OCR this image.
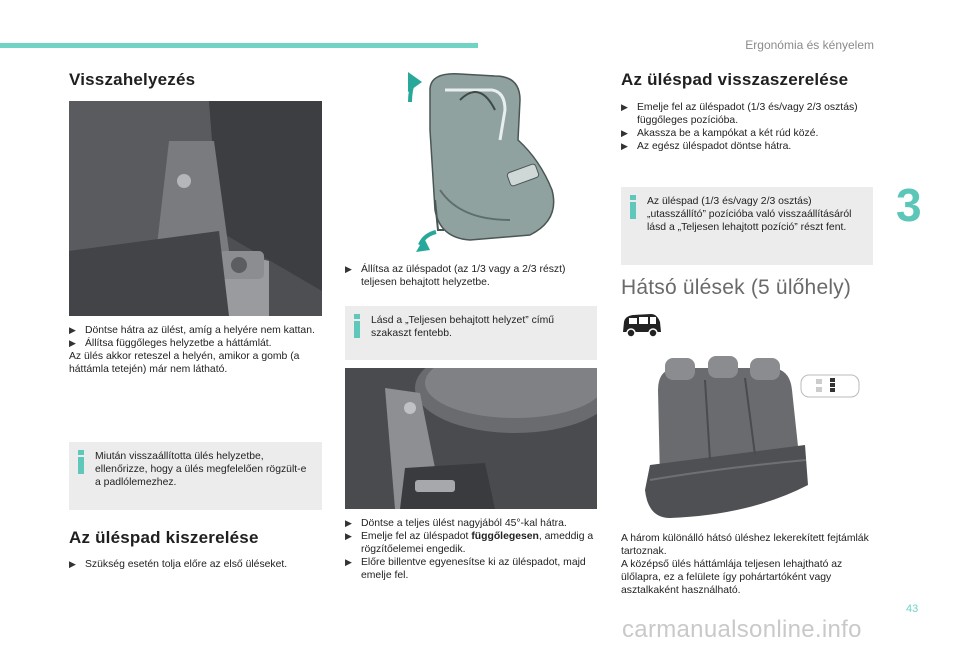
Ergonómia és kényelem
3
43
carmanualsonline.info
Visszahelyezés
▶ Döntse hátra az ülést, amíg a helyére nem kattan.
▶ Állítsa függőleges helyzetbe a háttámlát.
Az ülés akkor reteszel a helyén, amikor a gomb (a háttámla tetején) már nem látható.
Miután visszaállította ülés helyzetbe, ellenőrizze, hogy a ülés megfelelően rögzült-e a padlólemezhez.
Az üléspad kiszerelése
▶ Szükség esetén tolja előre az első üléseket.
▶ Állítsa az üléspadot (az 1/3 vagy a 2/3 részt) teljesen behajtott helyzetbe.
Lásd a „Teljesen behajtott helyzet” című szakaszt fentebb.
▶ Döntse a teljes ülést nagyjából 45°-kal hátra.
▶ Emelje fel az üléspadot függőlegesen, ameddig a rögzítőelemei engedik.
▶ Előre billentve egyenesítse ki az üléspadot, majd emelje fel.
Az üléspad visszaszerelése
▶ Emelje fel az üléspadot (1/3 és/vagy 2/3 osztás) függőleges pozícióba.
▶ Akassza be a kampókat a két rúd közé.
▶ Az egész üléspadot döntse hátra.
Az üléspad (1/3 és/vagy 2/3 osztás) „utasszállító” pozícióba való visszaállításáról lásd a „Teljesen lehajtott pozíció” részt fent.
Hátsó ülések (5 ülőhely)
A három különálló hátsó üléshez lekerekített fejtámlák tartoznak.
A középső ülés háttámlája teljesen lehajtható az ülőlapra, ez a felülete így pohártartóként vagy asztalkaként használható.
